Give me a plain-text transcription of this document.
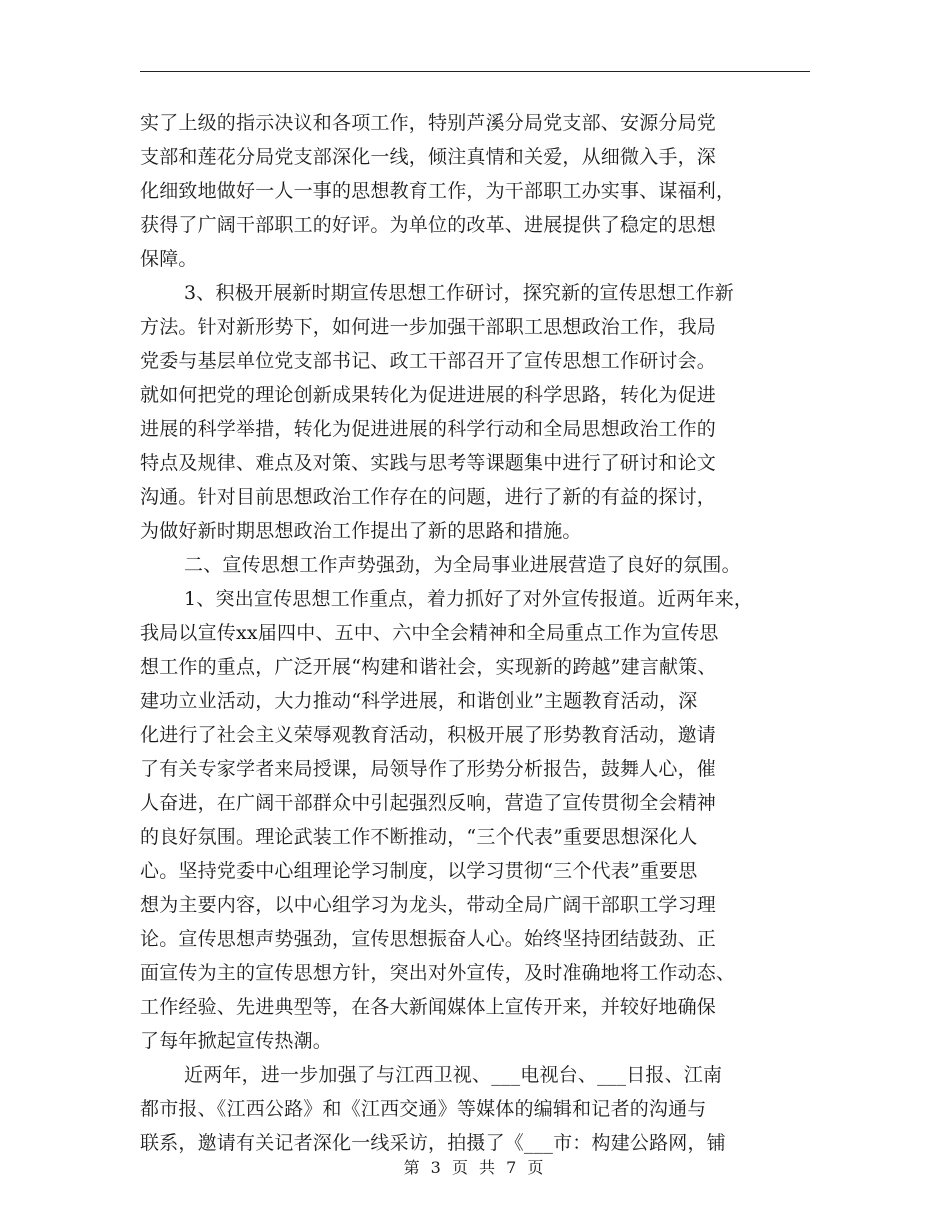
实了上级的指示决议和各项工作，特别芦溪分局党支部、安源分局党
支部和莲花分局党支部深化一线，倾注真情和关爱，从细微入手，深
化细致地做好一人一事的思想教育工作，为干部职工办实事、谋福利，
获得了广阔干部职工的好评。为单位的改革、进展提供了稳定的思想
保障。
3、积极开展新时期宣传思想工作研讨，探究新的宣传思想工作新
方法。针对新形势下，如何进一步加强干部职工思想政治工作，我局
党委与基层单位党支部书记、政工干部召开了宣传思想工作研讨会。
就如何把党的理论创新成果转化为促进进展的科学思路，转化为促进
进展的科学举措，转化为促进进展的科学行动和全局思想政治工作的
特点及规律、难点及对策、实践与思考等课题集中进行了研讨和论文
沟通。针对目前思想政治工作存在的问题，进行了新的有益的探讨，
为做好新时期思想政治工作提出了新的思路和措施。
二、宣传思想工作声势强劲，为全局事业进展营造了良好的氛围。
1、突出宣传思想工作重点，着力抓好了对外宣传报道。近两年来，
我局以宣传xx届四中、五中、六中全会精神和全局重点工作为宣传思
想工作的重点，广泛开展“构建和谐社会，实现新的跨越”建言献策、
建功立业活动，大力推动“科学进展，和谐创业”主题教育活动，深
化进行了社会主义荣辱观教育活动，积极开展了形势教育活动，邀请
了有关专家学者来局授课，局领导作了形势分析报告，鼓舞人心，催
人奋进，在广阔干部群众中引起强烈反响，营造了宣传贯彻全会精神
的良好氛围。理论武装工作不断推动，“三个代表”重要思想深化人
心。坚持党委中心组理论学习制度，以学习贯彻“三个代表”重要思
想为主要内容，以中心组学习为龙头，带动全局广阔干部职工学习理
论。宣传思想声势强劲，宣传思想振奋人心。始终坚持团结鼓劲、正
面宣传为主的宣传思想方针，突出对外宣传，及时准确地将工作动态、
工作经验、先进典型等，在各大新闻媒体上宣传开来，并较好地确保
了每年掀起宣传热潮。
近两年，进一步加强了与江西卫视、___电视台、___日报、江南
都市报、《江西公路》和《江西交通》等媒体的编辑和记者的沟通与
联系，邀请有关记者深化一线采访，拍摄了《___市：构建公路网，铺
第 3 页 共 7 页
